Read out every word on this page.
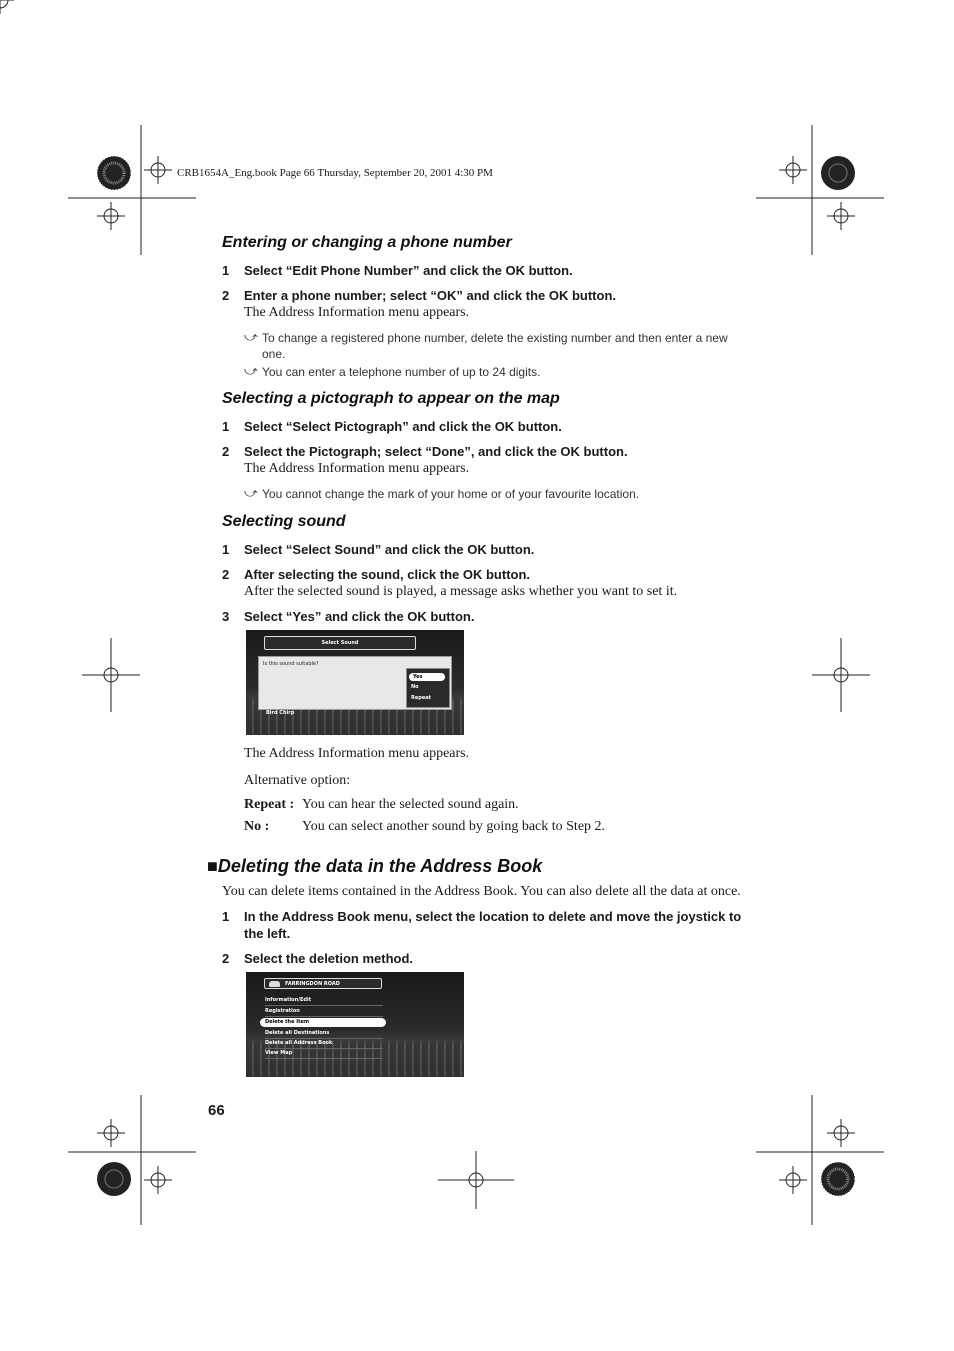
CRB1654A_Eng.book Page 66 Thursday, September 20, 2001 4:30 PM
Entering or changing a phone number
1 Select “Edit Phone Number” and click the OK button.
2 Enter a phone number; select “OK” and click the OK button.
The Address Information menu appears.
⤻ To change a registered phone number, delete the existing number and then enter a new one.
⤻ You can enter a telephone number of up to 24 digits.
Selecting a pictograph to appear on the map
1 Select “Select Pictograph” and click the OK button.
2 Select the Pictograph; select “Done”, and click the OK button.
The Address Information menu appears.
⤻ You cannot change the mark of your home or of your favourite location.
Selecting sound
1 Select “Select Sound” and click the OK button.
2 After selecting the sound, click the OK button.
After the selected sound is played, a message asks whether you want to set it.
3 Select “Yes” and click the OK button.
Select Sound
Is this sound suitable?
Yes
No
Repeat
Bird Chirp
The Address Information menu appears.
Alternative option:
Repeat : You can hear the selected sound again.
No : You can select another sound by going back to Step 2.
■Deleting the data in the Address Book
You can delete items contained in the Address Book. You can also delete all the data at once.
1 In the Address Book menu, select the location to delete and move the joystick to the left.
2 Select the deletion method.
FARRINGDON ROAD
Information/Edit
Registration
Delete the Item
Delete all Destinations
Delete all Address Book
View Map
66
